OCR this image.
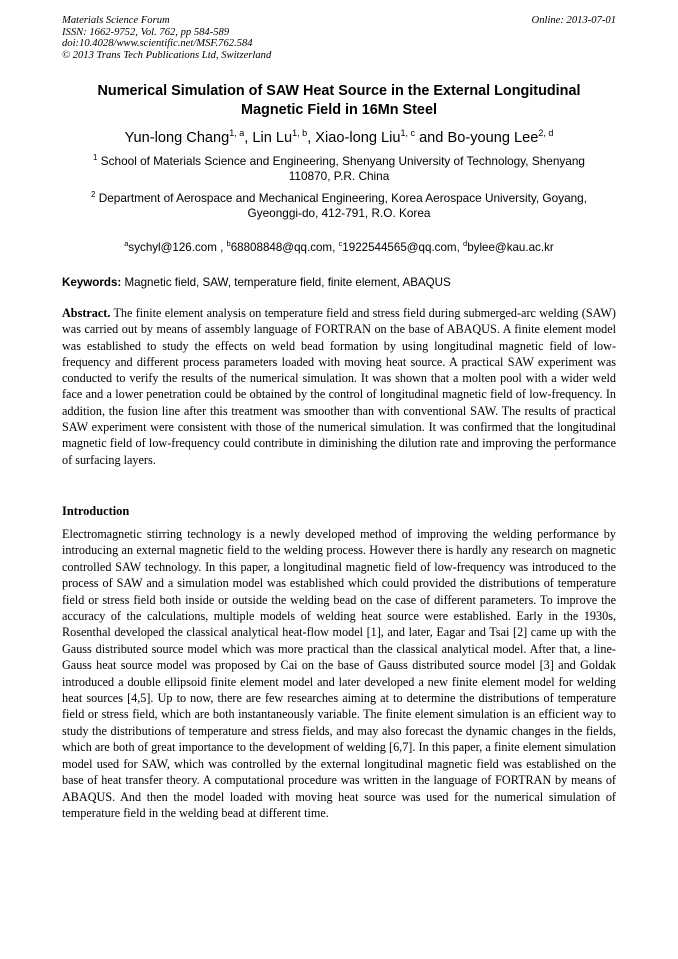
Materials Science Forum
ISSN: 1662-9752, Vol. 762, pp 584-589
doi:10.4028/www.scientific.net/MSF.762.584
© 2013 Trans Tech Publications Ltd, Switzerland
Online: 2013-07-01
Numerical Simulation of SAW Heat Source in the External Longitudinal
Magnetic Field in 16Mn Steel
Yun-long Chang$^{1, a}$, Lin Lu$^{1, b}$, Xiao-long Liu$^{1, c}$ and Bo-young Lee$^{2, d}$
$^1$ School of Materials Science and Engineering, Shenyang University of Technology, Shenyang
110870, P.R. China
$^2$ Department of Aerospace and Mechanical Engineering, Korea Aerospace University, Goyang,
Gyeonggi-do, 412-791, R.O. Korea
$^a$sychyl@126.com , $^b$68808848@qq.com, $^c$1922544565@qq.com, $^d$bylee@kau.ac.kr
Keywords: Magnetic field, SAW, temperature field, finite element, ABAQUS

Abstract. The finite element analysis on temperature field and stress field during submerged-arc welding (SAW) was carried out by means of assembly language of FORTRAN on the base of ABAQUS. A finite element model was established to study the effects on weld bead formation by using longitudinal magnetic field of low-frequency and different process parameters loaded with moving heat source. A practical SAW experiment was conducted to verify the results of the numerical simulation. It was shown that a molten pool with a wider weld face and a lower penetration could be obtained by the control of longitudinal magnetic field of low-frequency. In addition, the fusion line after this treatment was smoother than with conventional SAW. The results of practical SAW experiment were consistent with those of the numerical simulation. It was confirmed that the longitudinal magnetic field of low-frequency could contribute in diminishing the dilution rate and improving the performance of surfacing layers.

Introduction

Electromagnetic stirring technology is a newly developed method of improving the welding performance by introducing an external magnetic field to the welding process. However there is hardly any research on magnetic controlled SAW technology. In this paper, a longitudinal magnetic field of low-frequency was introduced to the process of SAW and a simulation model was established which could provided the distributions of temperature field or stress field both inside or outside the welding bead on the case of different parameters. To improve the accuracy of the calculations, multiple models of welding heat source were established. Early in the 1930s, Rosenthal developed the classical analytical heat-flow model [1], and later, Eagar and Tsai [2] came up with the Gauss distributed source model which was more practical than the classical analytical model. After that, a line-Gauss heat source model was proposed by Cai on the base of Gauss distributed source model [3] and Goldak introduced a double ellipsoid finite element model and later developed a new finite element model for welding heat sources [4,5]. Up to now, there are few researches aiming at to determine the distributions of temperature field or stress field, which are both instantaneously variable. The finite element simulation is an efficient way to study the distributions of temperature and stress fields, and may also forecast the dynamic changes in the fields, which are both of great importance to the development of welding [6,7]. In this paper, a finite element simulation model used for SAW, which was controlled by the external longitudinal magnetic field was established on the base of heat transfer theory. A computational procedure was written in the language of FORTRAN by means of ABAQUS. And then the model loaded with moving heat source was used for the numerical simulation of temperature field in the welding bead at different time.
